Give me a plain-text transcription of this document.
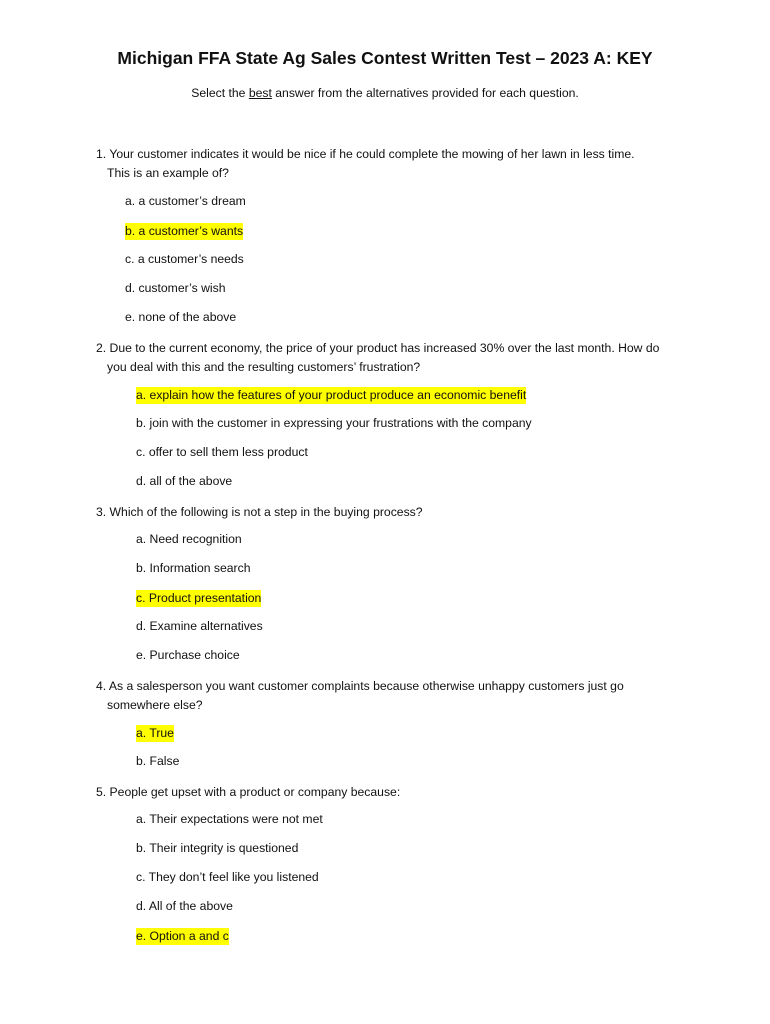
Michigan FFA State Ag Sales Contest Written Test – 2023 A: KEY
Select the best answer from the alternatives provided for each question.
1. Your customer indicates it would be nice if he could complete the mowing of her lawn in less time.
This is an example of?
a. a customer’s dream
b. a customer’s wants
c. a customer’s needs
d. customer’s wish
e. none of the above
2. Due to the current economy, the price of your product has increased 30% over the last month. How do
you deal with this and the resulting customers’ frustration?
a. explain how the features of your product produce an economic benefit
b. join with the customer in expressing your frustrations with the company
c. offer to sell them less product
d. all of the above
3. Which of the following is not a step in the buying process?
a. Need recognition
b. Information search
c. Product presentation
d. Examine alternatives
e. Purchase choice
4. As a salesperson you want customer complaints because otherwise unhappy customers just go
somewhere else?
a. True
b. False
5. People get upset with a product or company because:
a. Their expectations were not met
b. Their integrity is questioned
c. They don’t feel like you listened
d. All of the above
e. Option a and c
